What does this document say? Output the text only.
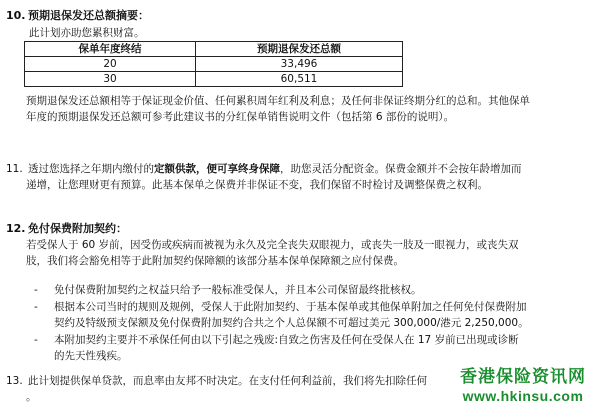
10. 预期退保发还总额摘要：
此计划亦助您累积财富。
保单年度终结	预期退保发还总额
20	33,496
30	60,511
预期退保发还总额相等于保证现金价值、任何累积周年红利及利息；及任何非保证终期分红的总和。其他保单
年度的预期退保发还总额可参考此建议书的分红保单销售说明文件（包括第 6 部份的说明）。
11. 透过您选择之年期内缴付的定额供款，便可享终身保障，助您灵活分配资金。保费金额并不会按年龄增加而
递增，让您理财更有预算。此基本保单之保费并非保证不变，我们保留不时检讨及调整保费之权利。
12. 免付保费附加契约：
若受保人于 60 岁前，因受伤或疾病而被视为永久及完全丧失双眼视力，或丧失一肢及一眼视力，或丧失双
肢，我们将会豁免相等于此附加契约保障额的该部分基本保单保障额之应付保费。
- 免付保费附加契约之权益只给予一般标准受保人，并且本公司保留最终批核权。
- 根据本公司当时的规则及规例，受保人于此附加契约、于基本保单或其他保单附加之任何免付保费附加
契约及特级预支保额及免付保费附加契约合共之个人总保额不可超过美元 300,000/港元 2,250,000。
- 本附加契约主要并不承保任何由以下引起之残废:自致之伤害及任何在受保人在 17 岁前已出现或诊断
的先天性残疾。
13. 此计划提供保单贷款，而息率由友邦不时决定。在支付任何利益前，我们将先扣除任何
。
香港保险资讯网
www.hkinsu.com
